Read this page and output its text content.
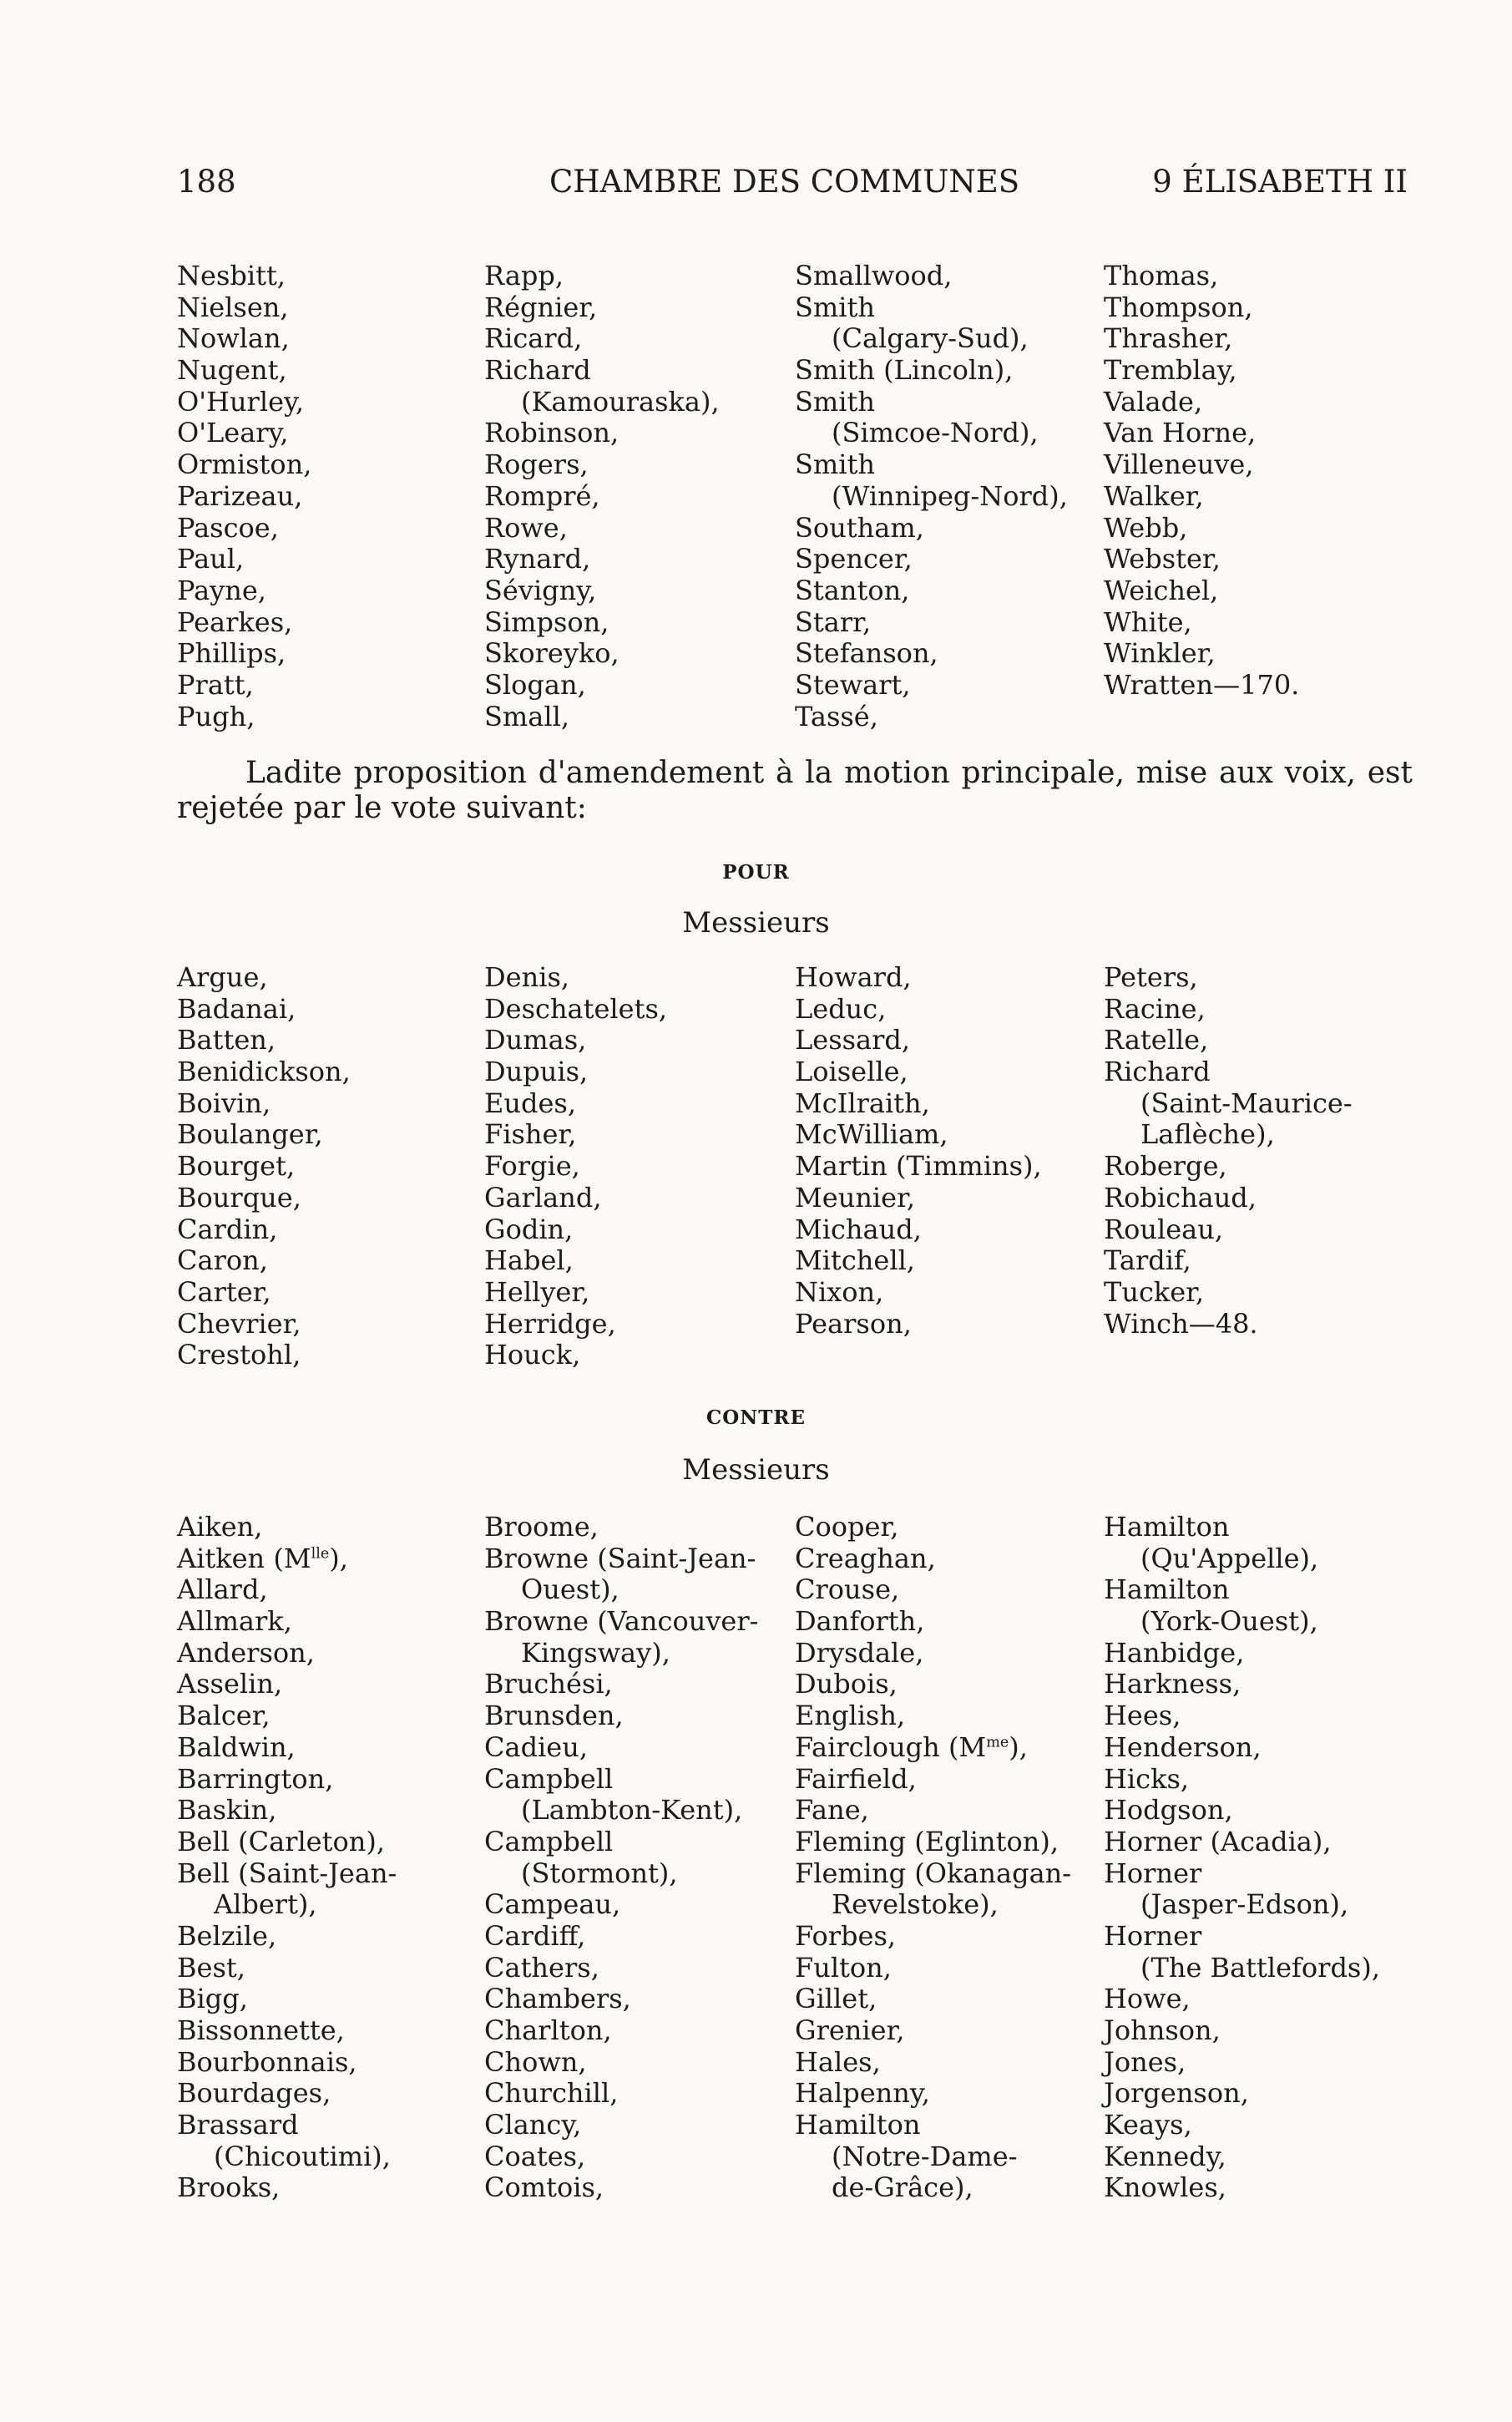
188	CHAMBRE DES COMMUNES	9 ÉLISABETH II
Nesbitt,
Nielsen,
Nowlan,
Nugent,
O'Hurley,
O'Leary,
Ormiston,
Parizeau,
Pascoe,
Paul,
Payne,
Pearkes,
Phillips,
Pratt,
Pugh,
Rapp,
Régnier,
Ricard,
Richard
(Kamouraska),
Robinson,
Rogers,
Rompré,
Rowe,
Rynard,
Sévigny,
Simpson,
Skoreyko,
Slogan,
Small,
Smallwood,
Smith
(Calgary-Sud),
Smith (Lincoln),
Smith
(Simcoe-Nord),
Smith
(Winnipeg-Nord),
Southam,
Spencer,
Stanton,
Starr,
Stefanson,
Stewart,
Tassé,
Thomas,
Thompson,
Thrasher,
Tremblay,
Valade,
Van Horne,
Villeneuve,
Walker,
Webb,
Webster,
Weichel,
White,
Winkler,
Wratten—170.
Ladite proposition d'amendement à la motion principale, mise aux voix, est rejetée par le vote suivant:
POUR
Messieurs
Argue,
Badanai,
Batten,
Benidickson,
Boivin,
Boulanger,
Bourget,
Bourque,
Cardin,
Caron,
Carter,
Chevrier,
Crestohl,
Denis,
Deschatelets,
Dumas,
Dupuis,
Eudes,
Fisher,
Forgie,
Garland,
Godin,
Habel,
Hellyer,
Herridge,
Houck,
Howard,
Leduc,
Lessard,
Loiselle,
McIlraith,
McWilliam,
Martin (Timmins),
Meunier,
Michaud,
Mitchell,
Nixon,
Pearson,
Peters,
Racine,
Ratelle,
Richard
(Saint-Maurice-
Laflèche),
Roberge,
Robichaud,
Rouleau,
Tardif,
Tucker,
Winch—48.
CONTRE
Messieurs
Aiken,
Aitken $(M^{lle})$,
Allard,
Allmark,
Anderson,
Asselin,
Balcer,
Baldwin,
Barrington,
Baskin,
Bell (Carleton),
Bell (Saint-Jean-
Albert),
Belzile,
Best,
Bigg,
Bissonnette,
Bourbonnais,
Bourdages,
Brassard
(Chicoutimi),
Brooks,
Broome,
Browne (Saint-Jean-
Ouest),
Browne (Vancouver-
Kingsway),
Bruchési,
Brunsden,
Cadieu,
Campbell
(Lambton-Kent),
Campbell
(Stormont),
Campeau,
Cardiff,
Cathers,
Chambers,
Charlton,
Chown,
Churchill,
Clancy,
Coates,
Comtois,
Cooper,
Creaghan,
Crouse,
Danforth,
Drysdale,
Dubois,
English,
Fairclough $(M^{me})$,
Fairfield,
Fane,
Fleming (Eglinton),
Fleming (Okanagan-
Revelstoke),
Forbes,
Fulton,
Gillet,
Grenier,
Hales,
Halpenny,
Hamilton
(Notre-Dame-
de-Grâce),
Hamilton
(Qu'Appelle),
Hamilton
(York-Ouest),
Hanbidge,
Harkness,
Hees,
Henderson,
Hicks,
Hodgson,
Horner (Acadia),
Horner
(Jasper-Edson),
Horner
(The Battlefords),
Howe,
Johnson,
Jones,
Jorgenson,
Keays,
Kennedy,
Knowles,
